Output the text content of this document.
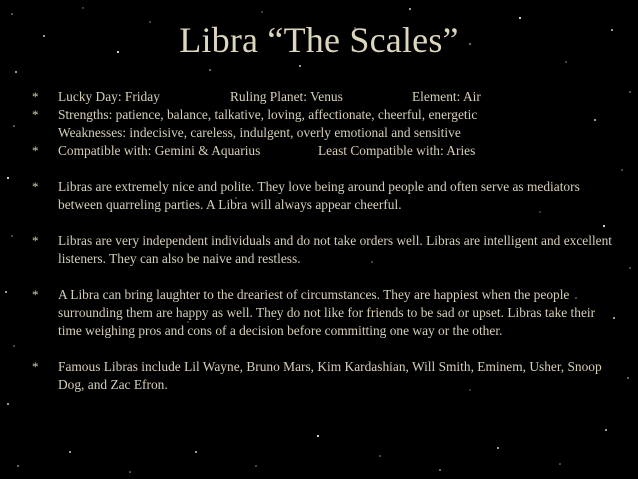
Libra “The Scales”
* Lucky Day: Friday	Ruling Planet: Venus	Element: Air
* Strengths: patience, balance, talkative, loving, affectionate, cheerful, energetic
Weaknesses: indecisive, careless, indulgent, overly emotional and sensitive
* Compatible with: Gemini & Aquarius	Least Compatible with: Aries
* Libras are extremely nice and polite. They love being around people and often serve as mediators between quarreling parties. A Libra will always appear cheerful.

* Libras are very independent individuals and do not take orders well. Libras are intelligent and excellent listeners. They can also be naive and restless.

* A Libra can bring laughter to the dreariest of circumstances. They are happiest when the people surrounding them are happy as well. They do not like for friends to be sad or upset. Libras take their time weighing pros and cons of a decision before committing one way or the other.

* Famous Libras include Lil Wayne, Bruno Mars, Kim Kardashian, Will Smith, Eminem, Usher, Snoop Dog, and Zac Efron.
